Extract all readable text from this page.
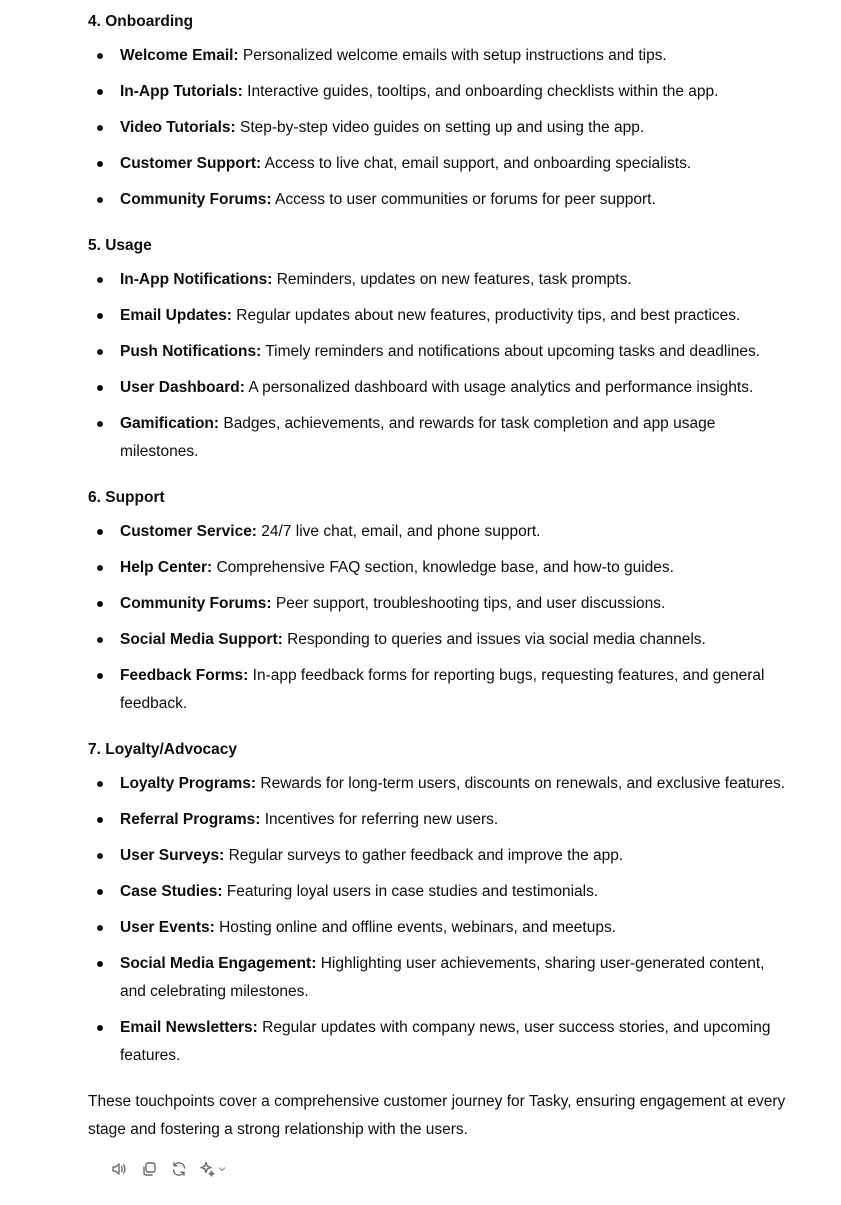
4. Onboarding

Welcome Email: Personalized welcome emails with setup instructions and tips.
In-App Tutorials: Interactive guides, tooltips, and onboarding checklists within the app.
Video Tutorials: Step-by-step video guides on setting up and using the app.
Customer Support: Access to live chat, email support, and onboarding specialists.
Community Forums: Access to user communities or forums for peer support.

5. Usage

In-App Notifications: Reminders, updates on new features, task prompts.
Email Updates: Regular updates about new features, productivity tips, and best practices.
Push Notifications: Timely reminders and notifications about upcoming tasks and deadlines.
User Dashboard: A personalized dashboard with usage analytics and performance insights.
Gamification: Badges, achievements, and rewards for task completion and app usage milestones.

6. Support

Customer Service: 24/7 live chat, email, and phone support.
Help Center: Comprehensive FAQ section, knowledge base, and how-to guides.
Community Forums: Peer support, troubleshooting tips, and user discussions.
Social Media Support: Responding to queries and issues via social media channels.
Feedback Forms: In-app feedback forms for reporting bugs, requesting features, and general feedback.

7. Loyalty/Advocacy

Loyalty Programs: Rewards for long-term users, discounts on renewals, and exclusive features.
Referral Programs: Incentives for referring new users.
User Surveys: Regular surveys to gather feedback and improve the app.
Case Studies: Featuring loyal users in case studies and testimonials.
User Events: Hosting online and offline events, webinars, and meetups.
Social Media Engagement: Highlighting user achievements, sharing user-generated content, and celebrating milestones.
Email Newsletters: Regular updates with company news, user success stories, and upcoming features.

These touchpoints cover a comprehensive customer journey for Tasky, ensuring engagement at every stage and fostering a strong relationship with the users.
